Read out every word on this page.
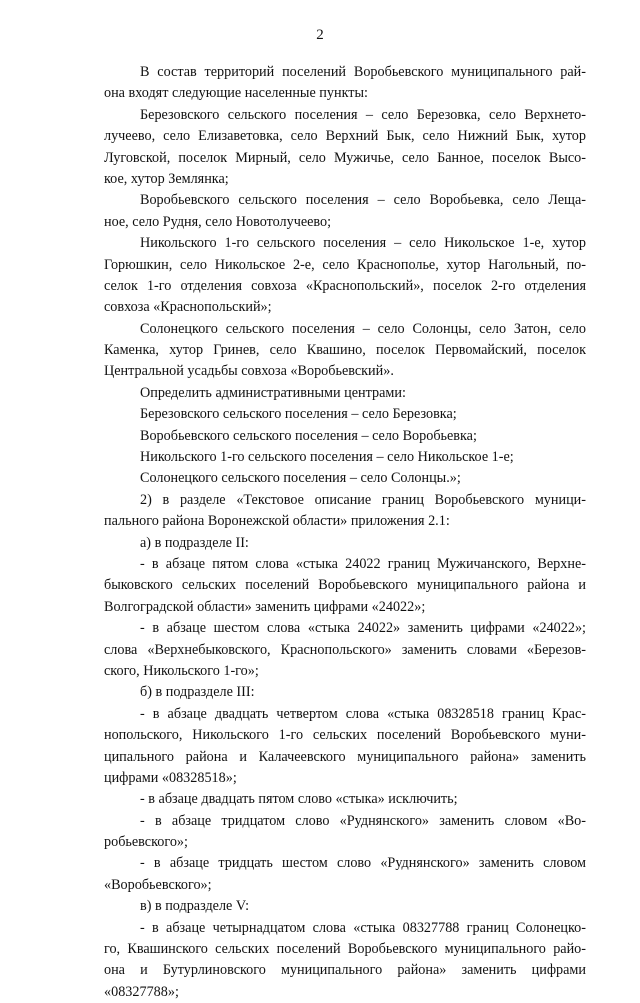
2
В состав территорий поселений Воробьевского муниципального рай-
она входят следующие населенные пункты:
Березовского сельского поселения – село Березовка, село Верхнето-
лучеево, село Елизаветовка, село Верхний Бык, село Нижний Бык, хутор
Луговской, поселок Мирный, село Мужичье, село Банное, поселок Высо-
кое, хутор Землянка;
Воробьевского сельского поселения – село Воробьевка, село Леща-
ное, село Рудня, село Новотолучеево;
Никольского 1-го сельского поселения – село Никольское 1-е, хутор
Горюшкин, село Никольское 2-е, село Краснополье, хутор Нагольный, по-
селок 1-го отделения совхоза «Краснопольский», поселок 2-го отделения
совхоза «Краснопольский»;
Солонецкого сельского поселения – село Солонцы, село Затон, село
Каменка, хутор Гринев, село Квашино, поселок Первомайский, поселок
Центральной усадьбы совхоза «Воробьевский».
Определить административными центрами:
Березовского сельского поселения – село Березовка;
Воробьевского сельского поселения – село Воробьевка;
Никольского 1-го сельского поселения – село Никольское 1-е;
Солонецкого сельского поселения – село Солонцы.»;
2) в разделе «Текстовое описание границ Воробьевского муници-
пального района Воронежской области» приложения 2.1:
а) в подразделе II:
- в абзаце пятом слова «стыка 24022 границ Мужичанского, Верхне-
быковского сельских поселений Воробьевского муниципального района и
Волгоградской области» заменить цифрами «24022»;
- в абзаце шестом слова «стыка 24022» заменить цифрами «24022»;
слова «Верхнебыковского, Краснопольского» заменить словами «Березов-
ского, Никольского 1-го»;
б) в подразделе III:
- в абзаце двадцать четвертом слова «стыка 08328518 границ Крас-
нопольского, Никольского 1-го сельских поселений Воробьевского муни-
ципального района и Калачеевского муниципального района» заменить
цифрами «08328518»;
- в абзаце двадцать пятом слово «стыка» исключить;
- в абзаце тридцатом слово «Руднянского» заменить словом «Во-
робьевского»;
- в абзаце тридцать шестом слово «Руднянского» заменить словом
«Воробьевского»;
в) в подразделе V:
- в абзаце четырнадцатом слова «стыка 08327788 границ Солонецко-
го, Квашинского сельских поселений Воробьевского муниципального райо-
она и Бутурлиновского муниципального района» заменить цифрами
«08327788»;
